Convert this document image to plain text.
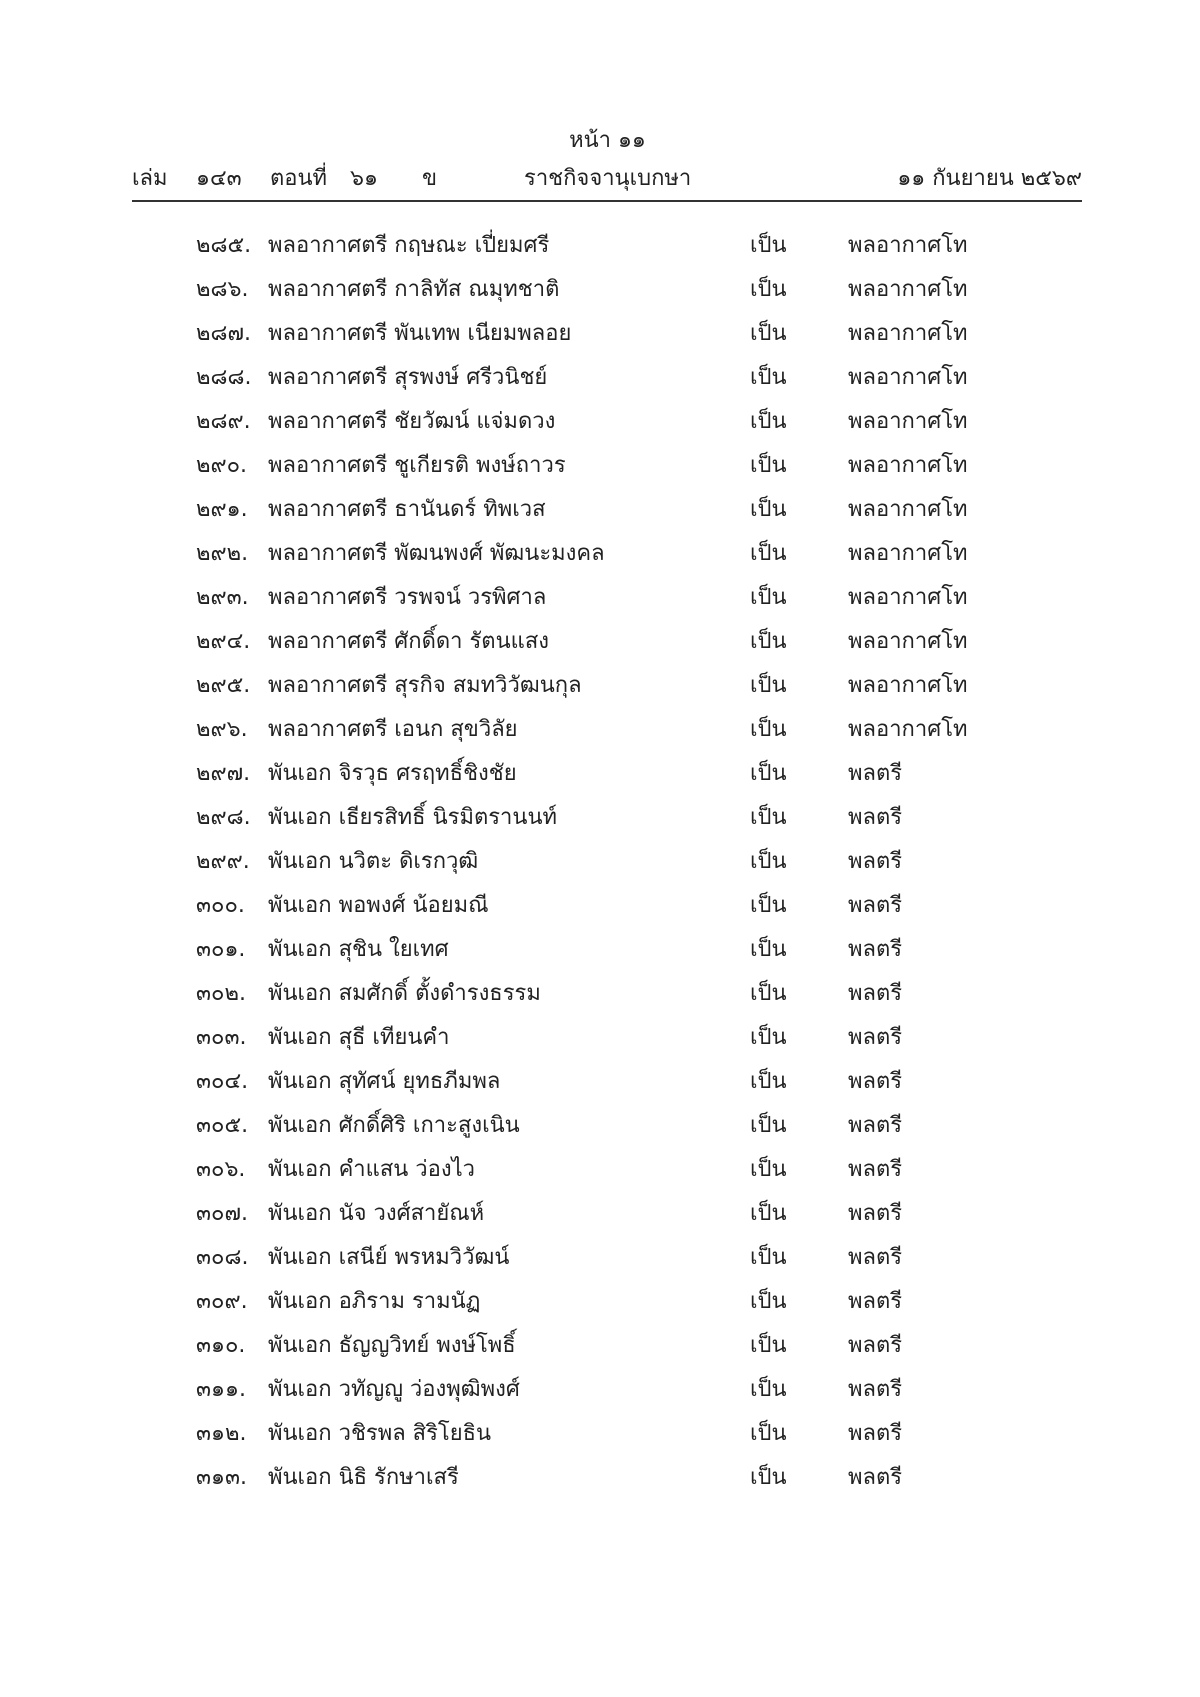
หน้า ๑๑
เล่ม ๑๔๓ ตอนที่ ๖๑ ข	ราชกิจจานุเบกษา	๑๑ กันยายน ๒๕๖๙
๒๘๕. พลอากาศตรี กฤษณะ เปี่ยมศรี	เป็น	พลอากาศโท
๒๘๖. พลอากาศตรี กาลิทัส ณมุทชาติ	เป็น	พลอากาศโท
๒๘๗. พลอากาศตรี พันเทพ เนียมพลอย	เป็น	พลอากาศโท
๒๘๘. พลอากาศตรี สุรพงษ์ ศรีวนิชย์	เป็น	พลอากาศโท
๒๘๙. พลอากาศตรี ชัยวัฒน์ แจ่มดวง	เป็น	พลอากาศโท
๒๙๐. พลอากาศตรี ชูเกียรติ พงษ์ถาวร	เป็น	พลอากาศโท
๒๙๑. พลอากาศตรี ธานันดร์ ทิพเวส	เป็น	พลอากาศโท
๒๙๒. พลอากาศตรี พัฒนพงศ์ พัฒนะมงคล	เป็น	พลอากาศโท
๒๙๓. พลอากาศตรี วรพจน์ วรพิศาล	เป็น	พลอากาศโท
๒๙๔. พลอากาศตรี ศักดิ์ดา รัตนแสง	เป็น	พลอากาศโท
๒๙๕. พลอากาศตรี สุรกิจ สมทวิวัฒนกุล	เป็น	พลอากาศโท
๒๙๖. พลอากาศตรี เอนก สุขวิลัย	เป็น	พลอากาศโท
๒๙๗. พันเอก จิรวุธ ศรฤทธิ์ชิงชัย	เป็น	พลตรี
๒๙๘. พันเอก เธียรสิทธิ์ นิรมิตรานนท์	เป็น	พลตรี
๒๙๙. พันเอก นวิตะ ดิเรกวุฒิ	เป็น	พลตรี
๓๐๐. พันเอก พอพงศ์ น้อยมณี	เป็น	พลตรี
๓๐๑. พันเอก สุชิน ใยเทศ	เป็น	พลตรี
๓๐๒. พันเอก สมศักดิ์ ตั้งดำรงธรรม	เป็น	พลตรี
๓๐๓. พันเอก สุธี เทียนคำ	เป็น	พลตรี
๓๐๔. พันเอก สุทัศน์ ยุทธภีมพล	เป็น	พลตรี
๓๐๕. พันเอก ศักดิ์ศิริ เกาะสูงเนิน	เป็น	พลตรี
๓๐๖. พันเอก คำแสน ว่องไว	เป็น	พลตรี
๓๐๗. พันเอก นัจ วงศ์สายัณห์	เป็น	พลตรี
๓๐๘. พันเอก เสนีย์ พรหมวิวัฒน์	เป็น	พลตรี
๓๐๙. พันเอก อภิราม รามนัฏ	เป็น	พลตรี
๓๑๐. พันเอก ธัญญวิทย์ พงษ์โพธิ์	เป็น	พลตรี
๓๑๑. พันเอก วทัญญู ว่องพุฒิพงศ์	เป็น	พลตรี
๓๑๒. พันเอก วชิรพล สิริโยธิน	เป็น	พลตรี
๓๑๓. พันเอก นิธิ รักษาเสรี	เป็น	พลตรี
